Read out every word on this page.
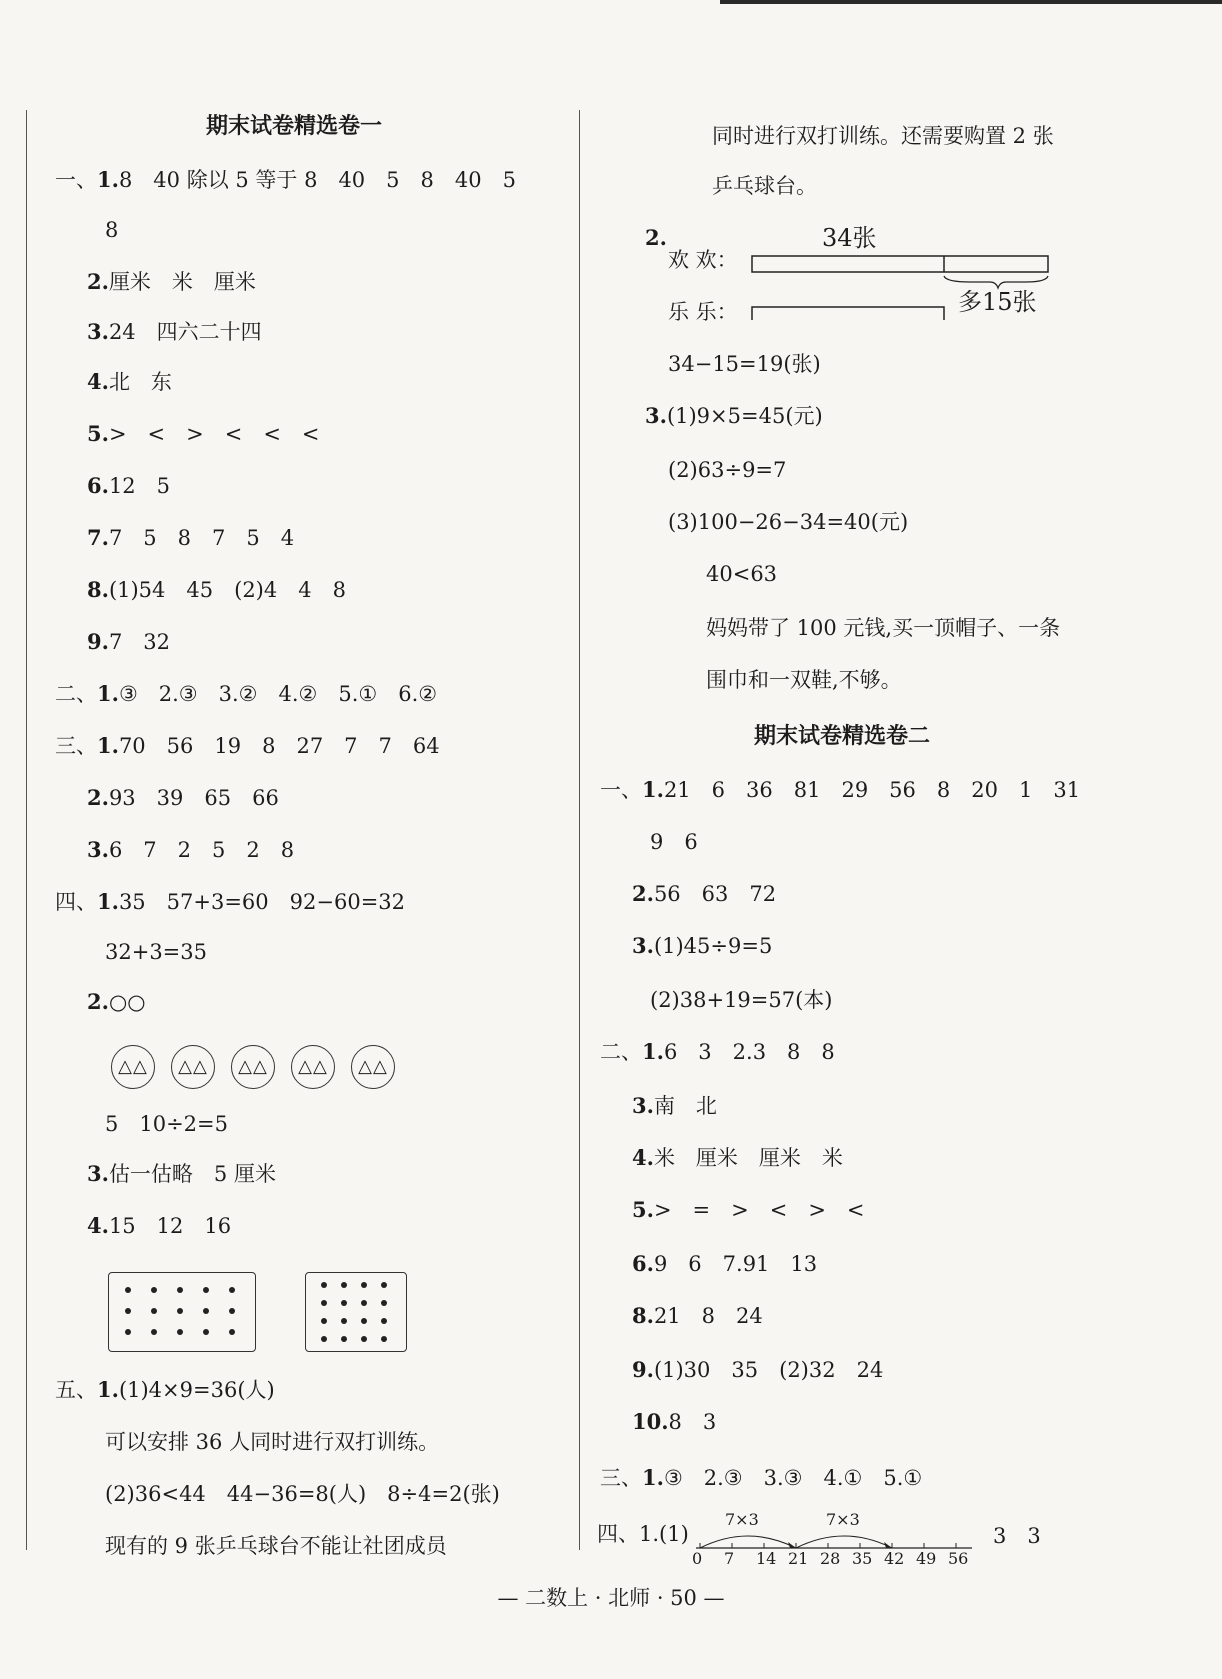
期末试卷精选卷一
一、1.8　40 除以 5 等于 8　40　5　8　40　5
8
2.厘米　米　厘米
3.24　四六二十四
4.北　东
5.>　<　>　<　<　<
6.12　5
7.7　5　8　7　5　4
8.(1)54　45　(2)4　4　8
9.7　32
二、1.③　2.③　3.②　4.②　5.①　6.②
三、1.70　56　19　8　27　7　7　64
2.93　39　65　66
3.6　7　2　5　2　8
四、1.35　57+3=60　92−60=32
32+3=35
2.○○
5　10÷2=5
3.估一估略　5 厘米
4.15　12　16
五、1.(1)4×9=36(人)
可以安排 36 人同时进行双打训练。
(2)36<44　44−36=8(人)　8÷4=2(张)
现有的 9 张乒乓球台不能让社团成员
△△	△△	△△	△△	△△
同时进行双打训练。还需要购置 2 张
乒乓球台。
34−15=19(张)
3.(1)9×5=45(元)
(2)63÷9=7
(3)100−26−34=40(元)
40<63
妈妈带了 100 元钱,买一顶帽子、一条
围巾和一双鞋,不够。
期末试卷精选卷二
一、1.21　6　36　81　29　56　8　20　1　31
9　6
2.56　63　72
3.(1)45÷9=5
(2)38+19=57(本)
二、1.6　3　2.3　8　8
3.南　北
4.米　厘米　厘米　米
5.>　=　>　<　>　<
6.9　6　7.91　13
8.21　8　24
9.(1)30　35　(2)32　24
10.8　3
三、1.③　2.③　3.③　4.①　5.①
2.
欢 欢：
乐 乐：
34张
多15张
四、1.(1)
7×3	7×3
0 7 14 21 28 35 42 49 56
3　3
— 二数上 · 北师 · 50 —
